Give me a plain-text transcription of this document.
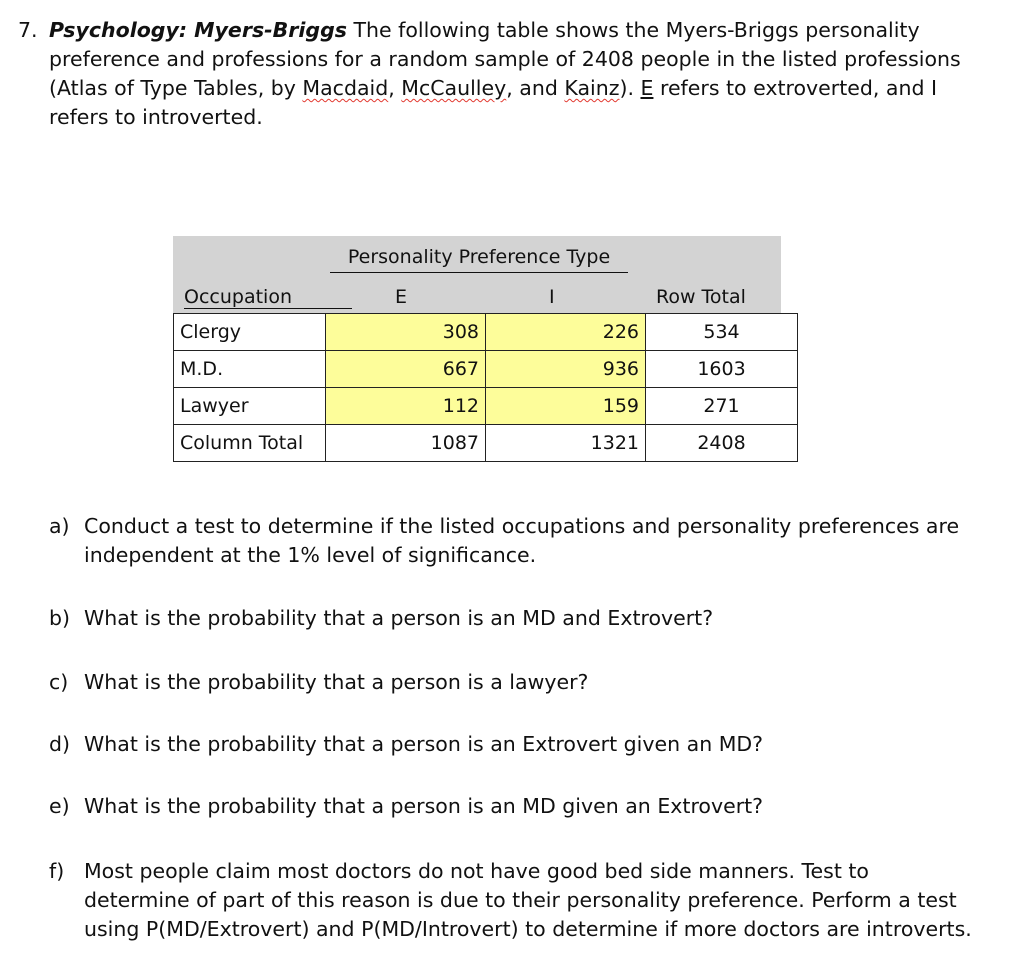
7. Psychology: Myers-Briggs The following table shows the Myers-Briggs personality preference and professions for a random sample of 2408 people in the listed professions (Atlas of Type Tables, by Macdaid, McCaulley, and Kainz). E refers to extroverted, and I refers to introverted.
Personality Preference Type
Occupation	E	I	Row Total
Clergy	308	226	534
M.D.	667	936	1603
Lawyer	112	159	271
Column Total	1087	1321	2408
a) Conduct a test to determine if the listed occupations and personality preferences are independent at the 1% level of significance.
b) What is the probability that a person is an MD and Extrovert?
c) What is the probability that a person is a lawyer?
d) What is the probability that a person is an Extrovert given an MD?
e) What is the probability that a person is an MD given an Extrovert?
f) Most people claim most doctors do not have good bed side manners. Test to determine of part of this reason is due to their personality preference. Perform a test using P(MD/Extrovert) and P(MD/Introvert) to determine if more doctors are introverts.
